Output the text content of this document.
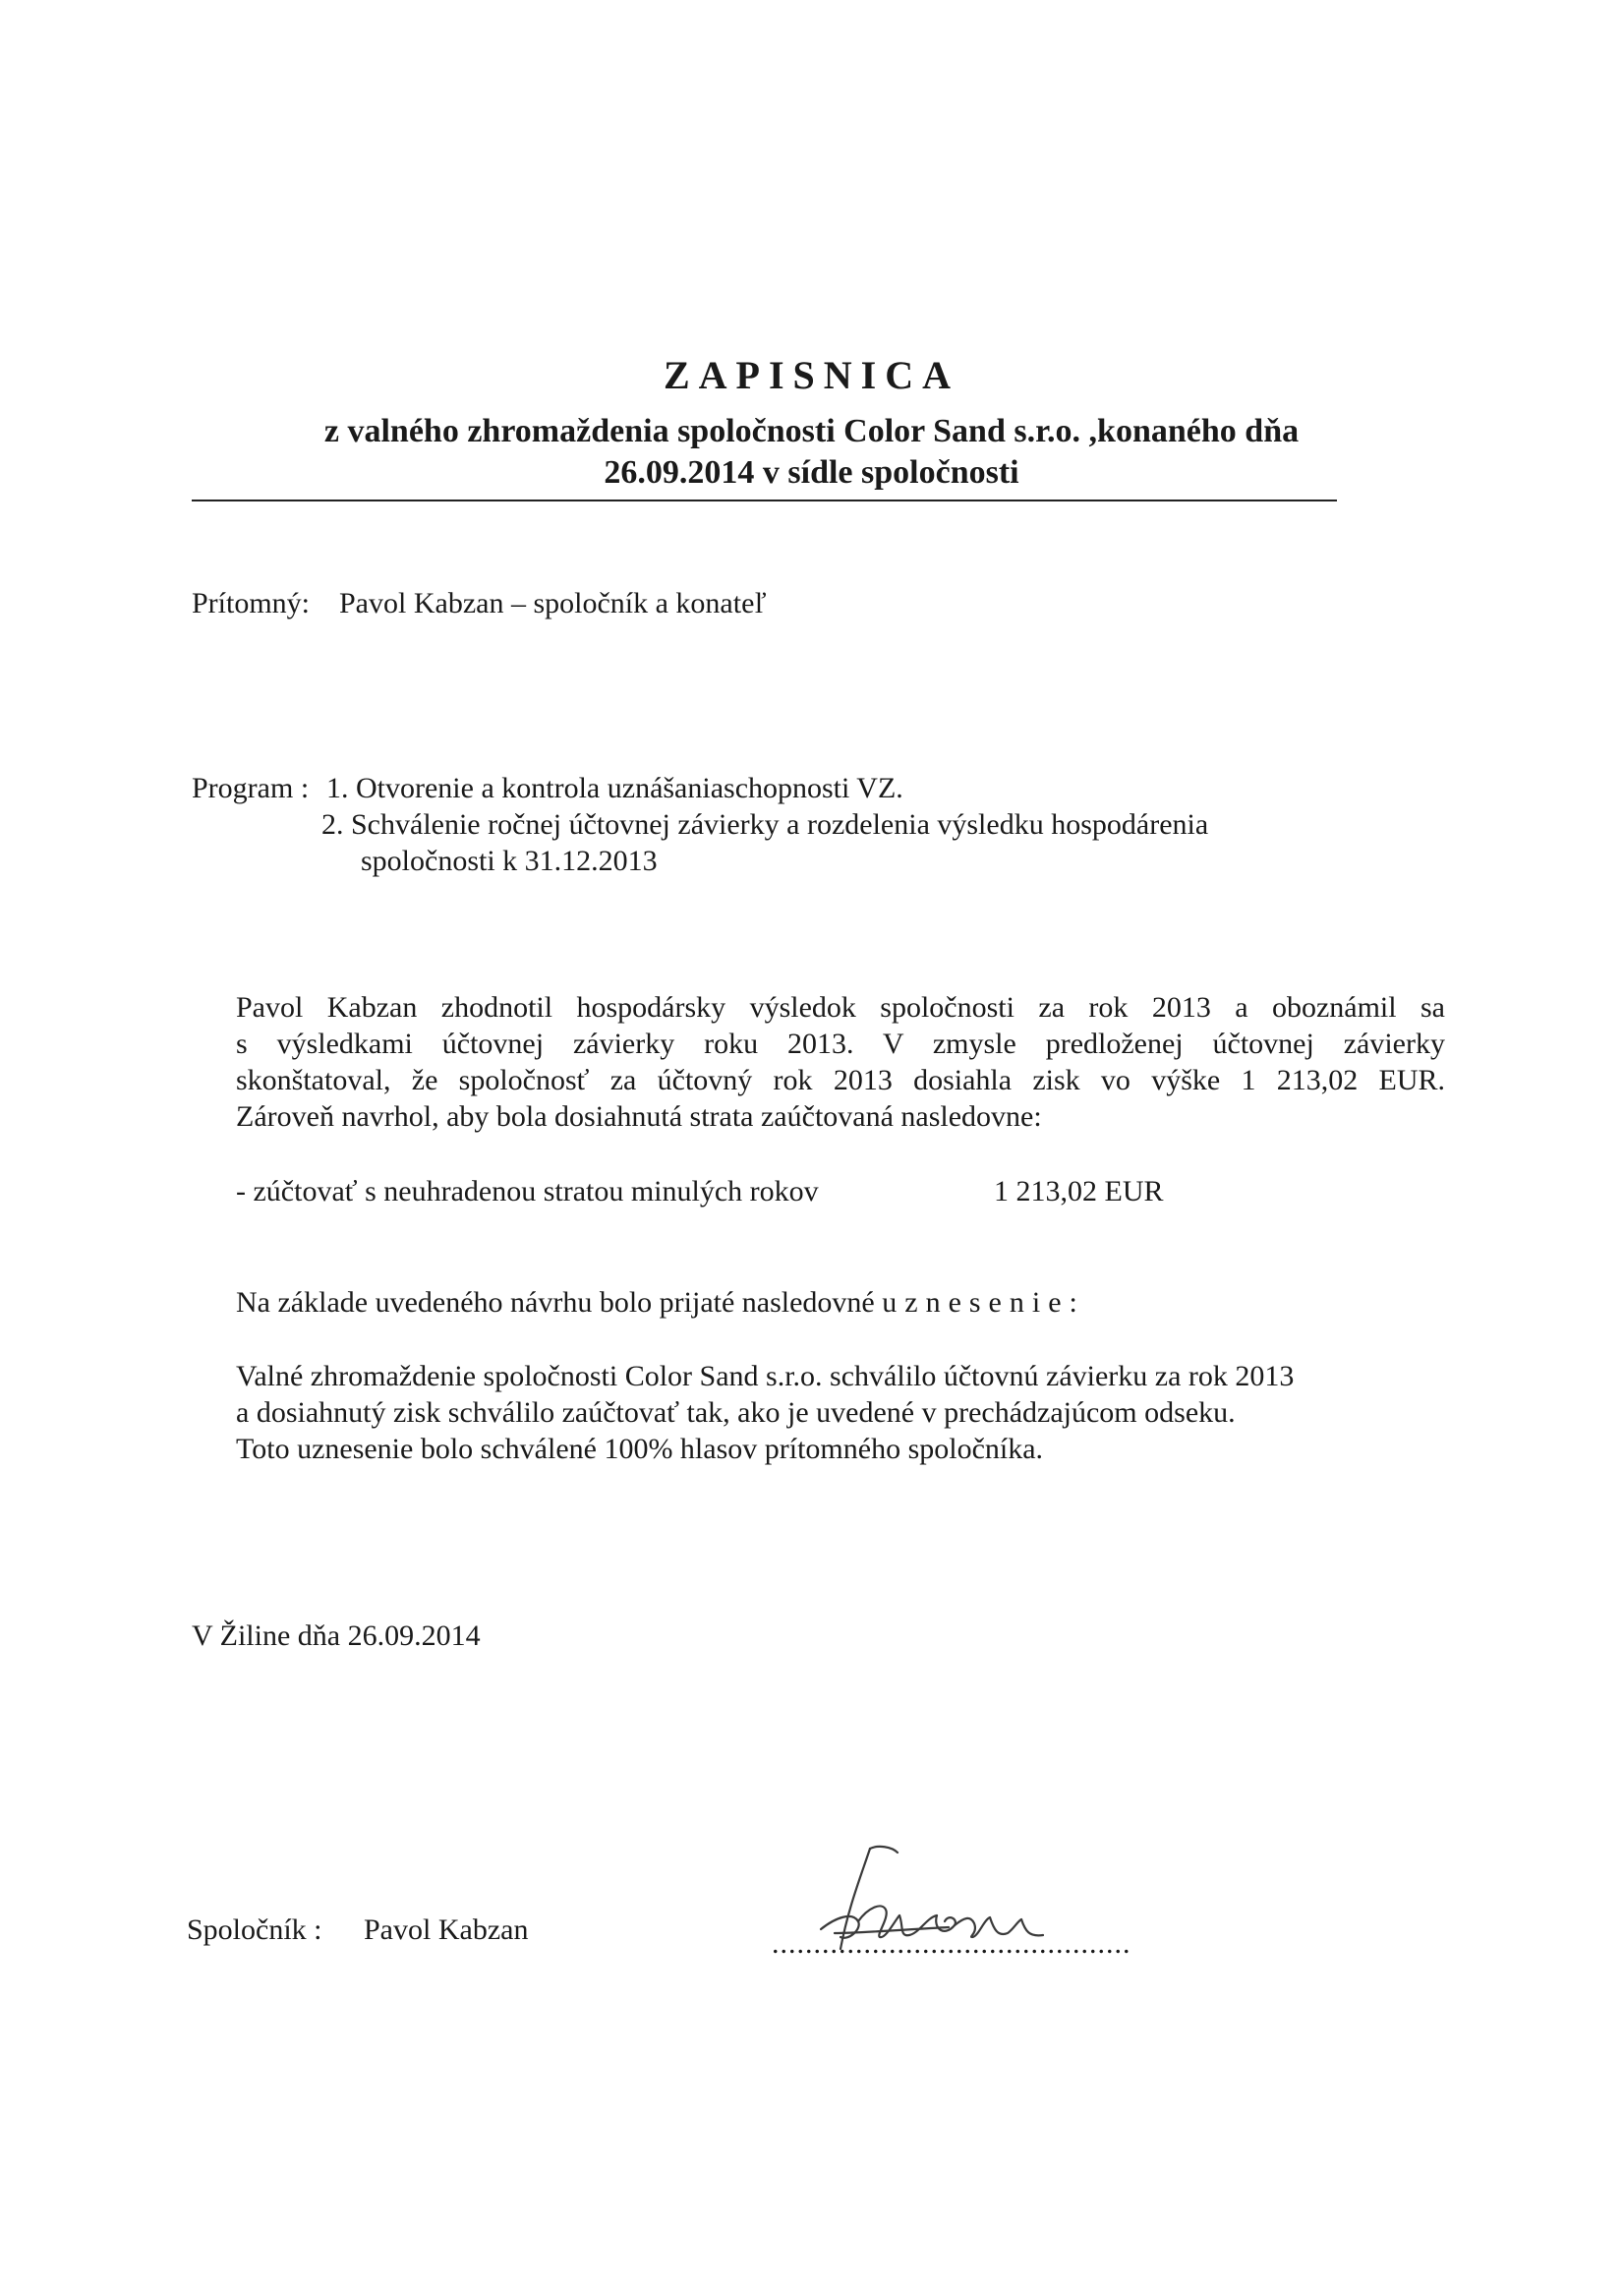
ZAPISNICA
z valného zhromaždenia spoločnosti Color Sand s.r.o. ,konaného dňa
26.09.2014 v sídle spoločnosti
Prítomný: Pavol Kabzan – spoločník a konateľ
Program : 1. Otvorenie a kontrola uznášaniaschopnosti VZ.
2. Schválenie ročnej účtovnej závierky a rozdelenia výsledku hospodárenia
spoločnosti k 31.12.2013
Pavol Kabzan zhodnotil hospodársky výsledok spoločnosti za rok 2013 a oboznámil sa
s výsledkami účtovnej závierky roku 2013. V zmysle predloženej účtovnej závierky
skonštatoval, že spoločnosť za účtovný rok 2013 dosiahla zisk vo výške 1 213,02 EUR.
Zároveň navrhol, aby bola dosiahnutá strata zaúčtovaná nasledovne:
- zúčtovať s neuhradenou stratou minulých rokov	1 213,02 EUR
Na základe uvedeného návrhu bolo prijaté nasledovné uznesenie:
Valné zhromaždenie spoločnosti Color Sand s.r.o. schválilo účtovnú závierku za rok 2013
a dosiahnutý zisk schválilo zaúčtovať tak, ako je uvedené v prechádzajúcom odseku.
Toto uznesenie bolo schválené 100% hlasov prítomného spoločníka.
V Žiline dňa 26.09.2014
Spoločník : Pavol Kabzan	...........................................
